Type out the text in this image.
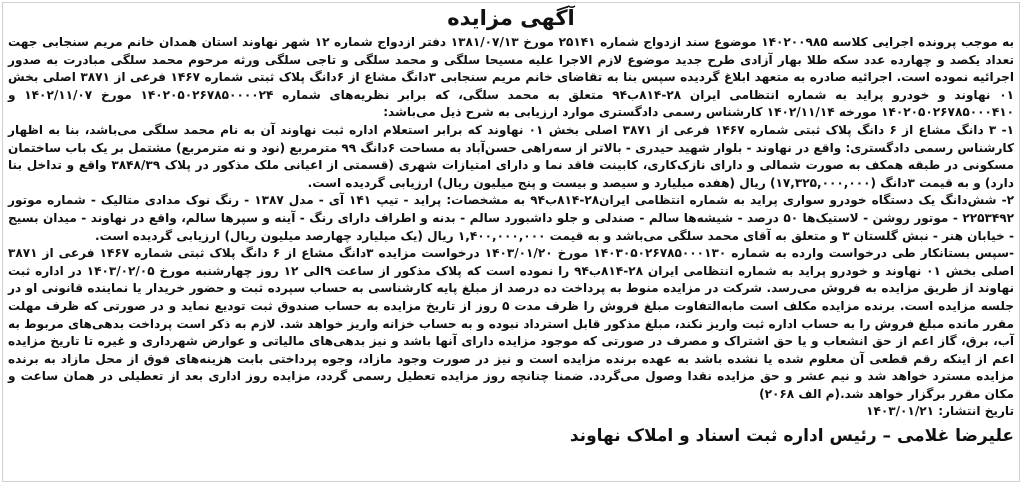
آگهی مزایده

به موجب پرونده اجرایی کلاسه ۱۴۰۲۰۰۹۸۵ موضوع سند ازدواج شماره ۲۵۱۴۱ مورخ ۱۳۸۱/۰۷/۱۳ دفتر ازدواج شماره ۱۲ شهر نهاوند استان همدان خانم مریم سنجابی جهت تعداد یکصد و چهارده عدد سکه طلا بهار آزادی طرح جدید موضوع لازم الاجرا علیه مسیحا سلگی و محمد سلگی و تاجی سلگی ورثه مرحوم محمد سلگی مبادرت به صدور اجرائیه نموده است. اجرائیه صادره به متعهد ابلاغ گردیده سپس بنا به تقاضای خانم مریم سنجابی ۳دانگ مشاع از ۶دانگ پلاک ثبتی شماره ۱۴۶۷ فرعی از ۳۸۷۱ اصلی بخش ۰۱ نهاوند و خودرو پراید به شماره انتظامی ایران ۲۸-۸۱۴ب۹۴ متعلق به محمد سلگی، که برابر نظریه‌های شماره ۱۴۰۲۰۵۰۲۶۷۸۵۰۰۰۰۲۴ مورخ ۱۴۰۲/۱۱/۰۷ و ۱۴۰۲۰۵۰۲۶۷۸۵۰۰۰۴۱۰ مورخه ۱۴۰۲/۱۱/۱۴ کارشناس رسمی دادگستری موارد ارزیابی به شرح ذیل می‌باشد:

۱- ۳ دانگ مشاع از ۶ دانگ پلاک ثبتی شماره ۱۴۶۷ فرعی از ۳۸۷۱ اصلی بخش ۰۱ نهاوند که برابر استعلام اداره ثبت نهاوند آن به نام محمد سلگی می‌باشد، بنا به اظهار کارشناس رسمی دادگستری: واقع در نهاوند - بلوار شهید حیدری - بالاتر از سه‌راهی حسن‌آباد به مساحت ۶دانگ ۹۹ مترمربع (نود و نه مترمربع) مشتمل بر یک باب ساختمان مسکونی در طبقه همکف به صورت شمالی و دارای نازک‌کاری، کابینت فاقد نما و دارای امتیازات شهری (قسمتی از اعیانی ملک مذکور در پلاک ۳۸۴۸/۳۹ واقع و تداخل بنا دارد) و به قیمت ۳دانگ (۱۷,۳۲۵,۰۰۰,۰۰۰) ریال (هفده میلیارد و سیصد و بیست و پنج میلیون ریال) ارزیابی گردیده است.

۲- شش‌دانگ یک دستگاه خودرو سواری پراید به شماره انتظامی ایران۲۸-۸۱۴ب۹۴ به مشخصات: پراید - تیپ ۱۴۱ آی - مدل ۱۳۸۷ - رنگ نوک مدادی متالیک - شماره موتور ۲۲۵۳۴۹۲ - موتور روشن - لاستیک‌ها ۵۰ درصد - شیشه‌ها سالم - صندلی و جلو داشبورد سالم - بدنه و اطراف دارای رنگ - آینه و سپرها سالم، واقع در نهاوند - میدان بسیج - خیابان هنر - نبش گلستان ۳ و متعلق به آقای محمد سلگی می‌باشد و به قیمت ۱,۴۰۰,۰۰۰,۰۰۰ ریال (یک میلیارد چهارصد میلیون ریال) ارزیابی گردیده است.

-سپس بستانکار طی درخواست وارده به شماره ۱۴۰۳۰۵۰۲۶۷۸۵۰۰۰۱۳۰ مورخ ۱۴۰۳/۰۱/۲۰ درخواست مزایده ۳دانگ مشاع از ۶ دانگ پلاک ثبتی شماره ۱۴۶۷ فرعی از ۳۸۷۱ اصلی بخش ۰۱ نهاوند و خودرو پراید به شماره انتظامی ایران ۲۸-۸۱۴ب۹۴ را نموده است که پلاک مذکور از ساعت ۹الی ۱۲ روز چهارشنبه مورخ ۱۴۰۳/۰۲/۰۵ در اداره ثبت نهاوند از طریق مزایده به فروش می‌رسد. شرکت در مزایده منوط به پرداخت ده درصد از مبلغ پایه کارشناسی به حساب سپرده ثبت و حضور خریدار یا نماینده قانونی او در جلسه مزایده است. برنده مزایده مکلف است مابه‌التفاوت مبلغ فروش را ظرف مدت ۵ روز از تاریخ مزایده به حساب صندوق ثبت تودیع نماید و در صورتی که ظرف مهلت مقرر مانده مبلغ فروش را به حساب اداره ثبت واریز نکند، مبلغ مذکور قابل استرداد نبوده و به حساب خزانه واریز خواهد شد. لازم به ذکر است پرداخت بدهی‌های مربوط به آب، برق، گاز اعم از حق انشعاب و یا حق اشتراک و مصرف در صورتی که موجود مزایده دارای آنها باشد و نیز بدهی‌های مالیاتی و عوارض شهرداری و غیره تا تاریخ مزایده اعم از اینکه رقم قطعی آن معلوم شده یا نشده باشد به عهده برنده مزایده است و نیز در صورت وجود مازاد، وجوه پرداختی بابت هزینه‌های فوق از محل مازاد به برنده مزایده مسترد خواهد شد و نیم عشر و حق مزایده نقدا وصول می‌گردد. ضمنا چنانچه روز مزایده تعطیل رسمی گردد، مزایده روز اداری بعد از تعطیلی در همان ساعت و مکان مقرر برگزار خواهد شد.(م الف ۲۰۶۸)

تاریخ انتشار: ۱۴۰۳/۰۱/۲۱
علیرضا غلامی – رئیس اداره ثبت اسناد و املاک نهاوند
